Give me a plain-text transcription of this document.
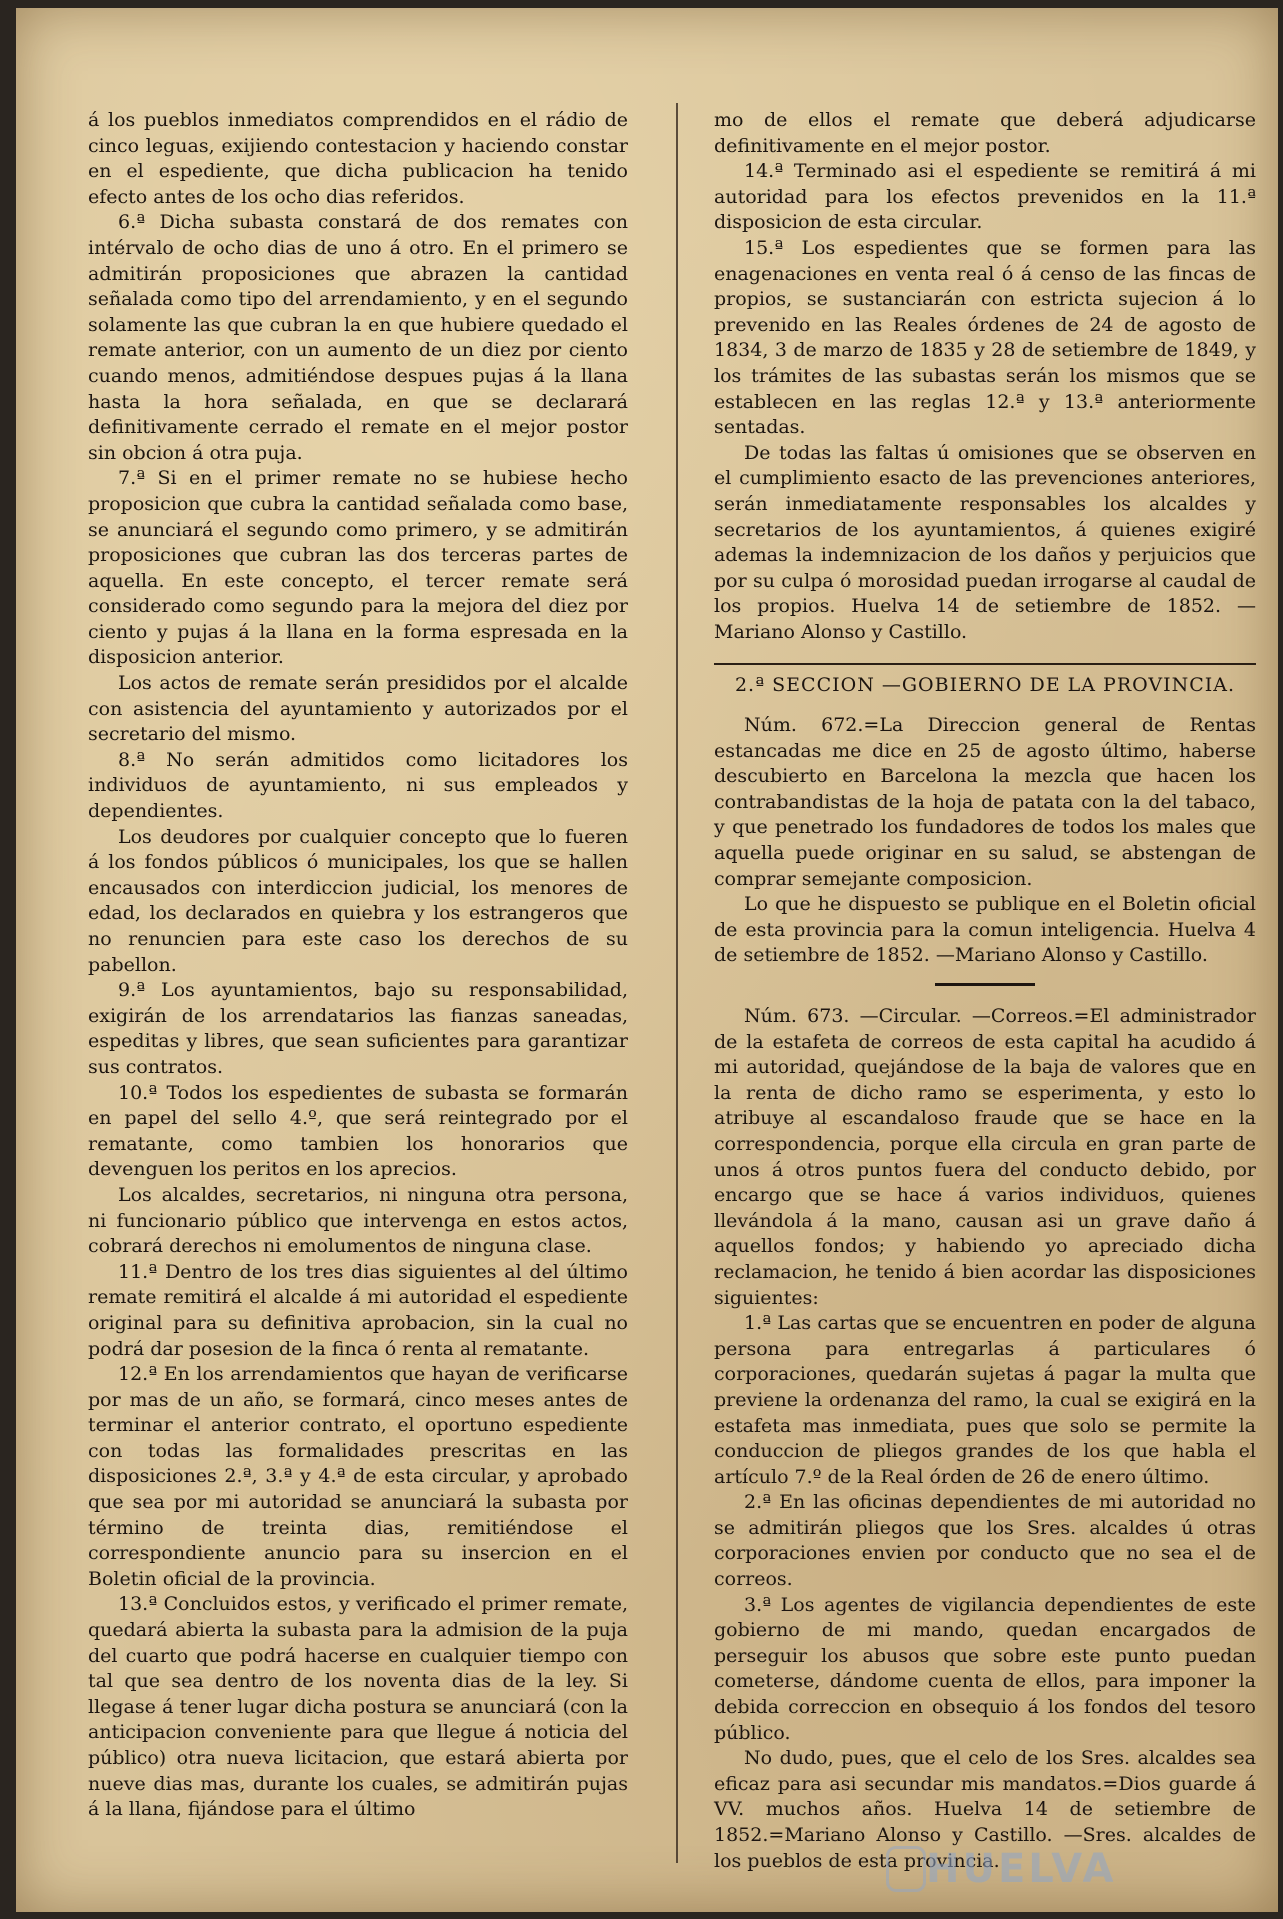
á los pueblos inmediatos comprendidos en el rádio de cinco leguas, exijiendo contestacion y haciendo constar en el espediente, que dicha publicacion ha tenido efecto antes de los ocho dias referidos.

6.ª Dicha subasta constará de dos remates con intérvalo de ocho dias de uno á otro. En el primero se admitirán proposiciones que abrazen la cantidad señalada como tipo del arrendamiento, y en el segundo solamente las que cubran la en que hubiere quedado el remate anterior, con un aumento de un diez por ciento cuando menos, admitiéndose despues pujas á la llana hasta la hora señalada, en que se declarará definitivamente cerrado el remate en el mejor postor sin obcion á otra puja.

7.ª Si en el primer remate no se hubiese hecho proposicion que cubra la cantidad señalada como base, se anunciará el segundo como primero, y se admitirán proposiciones que cubran las dos terceras partes de aquella. En este concepto, el tercer remate será considerado como segundo para la mejora del diez por ciento y pujas á la llana en la forma espresada en la disposicion anterior.

Los actos de remate serán presididos por el alcalde con asistencia del ayuntamiento y autorizados por el secretario del mismo.

8.ª No serán admitidos como licitadores los individuos de ayuntamiento, ni sus empleados y dependientes.

Los deudores por cualquier concepto que lo fueren á los fondos públicos ó municipales, los que se hallen encausados con interdiccion judicial, los menores de edad, los declarados en quiebra y los estrangeros que no renuncien para este caso los derechos de su pabellon.

9.ª Los ayuntamientos, bajo su responsabilidad, exigirán de los arrendatarios las fianzas saneadas, espeditas y libres, que sean suficientes para garantizar sus contratos.

10.ª Todos los espedientes de subasta se formarán en papel del sello 4.º, que será reintegrado por el rematante, como tambien los honorarios que devenguen los peritos en los aprecios.

Los alcaldes, secretarios, ni ninguna otra persona, ni funcionario público que intervenga en estos actos, cobrará derechos ni emolumentos de ninguna clase.

11.ª Dentro de los tres dias siguientes al del último remate remitirá el alcalde á mi autoridad el espediente original para su definitiva aprobacion, sin la cual no podrá dar posesion de la finca ó renta al rematante.

12.ª En los arrendamientos que hayan de verificarse por mas de un año, se formará, cinco meses antes de terminar el anterior contrato, el oportuno espediente con todas las formalidades prescritas en las disposiciones 2.ª, 3.ª y 4.ª de esta circular, y aprobado que sea por mi autoridad se anunciará la subasta por término de treinta dias, remitiéndose el correspondiente anuncio para su insercion en el Boletin oficial de la provincia.

13.ª Concluidos estos, y verificado el primer remate, quedará abierta la subasta para la admision de la puja del cuarto que podrá hacerse en cualquier tiempo con tal que sea dentro de los noventa dias de la ley. Si llegase á tener lugar dicha postura se anunciará (con la anticipacion conveniente para que llegue á noticia del público) otra nueva licitacion, que estará abierta por nueve dias mas, durante los cuales, se admitirán pujas á la llana, fijándose para el último

mo de ellos el remate que deberá adjudicarse definitivamente en el mejor postor.

14.ª Terminado asi el espediente se remitirá á mi autoridad para los efectos prevenidos en la 11.ª disposicion de esta circular.

15.ª Los espedientes que se formen para las enagenaciones en venta real ó á censo de las fincas de propios, se sustanciarán con estricta sujecion á lo prevenido en las Reales órdenes de 24 de agosto de 1834, 3 de marzo de 1835 y 28 de setiembre de 1849, y los trámites de las subastas serán los mismos que se establecen en las reglas 12.ª y 13.ª anteriormente sentadas.

De todas las faltas ú omisiones que se observen en el cumplimiento esacto de las prevenciones anteriores, serán inmediatamente responsables los alcaldes y secretarios de los ayuntamientos, á quienes exigiré ademas la indemnizacion de los daños y perjuicios que por su culpa ó morosidad puedan irrogarse al caudal de los propios. Huelva 14 de setiembre de 1852. —Mariano Alonso y Castillo.

2.ª SECCION —GOBIERNO DE LA PROVINCIA.

Núm. 672.=La Direccion general de Rentas estancadas me dice en 25 de agosto último, haberse descubierto en Barcelona la mezcla que hacen los contrabandistas de la hoja de patata con la del tabaco, y que penetrado los fundadores de todos los males que aquella puede originar en su salud, se abstengan de comprar semejante composicion.

Lo que he dispuesto se publique en el Boletin oficial de esta provincia para la comun inteligencia. Huelva 4 de setiembre de 1852. —Mariano Alonso y Castillo.

Núm. 673. —Circular. —Correos.=El administrador de la estafeta de correos de esta capital ha acudido á mi autoridad, quejándose de la baja de valores que en la renta de dicho ramo se esperimenta, y esto lo atribuye al escandaloso fraude que se hace en la correspondencia, porque ella circula en gran parte de unos á otros puntos fuera del conducto debido, por encargo que se hace á varios individuos, quienes llevándola á la mano, causan asi un grave daño á aquellos fondos; y habiendo yo apreciado dicha reclamacion, he tenido á bien acordar las disposiciones siguientes:

1.ª Las cartas que se encuentren en poder de alguna persona para entregarlas á particulares ó corporaciones, quedarán sujetas á pagar la multa que previene la ordenanza del ramo, la cual se exigirá en la estafeta mas inmediata, pues que solo se permite la conduccion de pliegos grandes de los que habla el artículo 7.º de la Real órden de 26 de enero último.

2.ª En las oficinas dependientes de mi autoridad no se admitirán pliegos que los Sres. alcaldes ú otras corporaciones envien por conducto que no sea el de correos.

3.ª Los agentes de vigilancia dependientes de este gobierno de mi mando, quedan encargados de perseguir los abusos que sobre este punto puedan cometerse, dándome cuenta de ellos, para imponer la debida correccion en obsequio á los fondos del tesoro público.

No dudo, pues, que el celo de los Sres. alcaldes sea eficaz para asi secundar mis mandatos.=Dios guarde á VV. muchos años. Huelva 14 de setiembre de 1852.=Mariano Alonso y Castillo. —Sres. alcaldes de los pueblos de esta provincia.

HUELVA
